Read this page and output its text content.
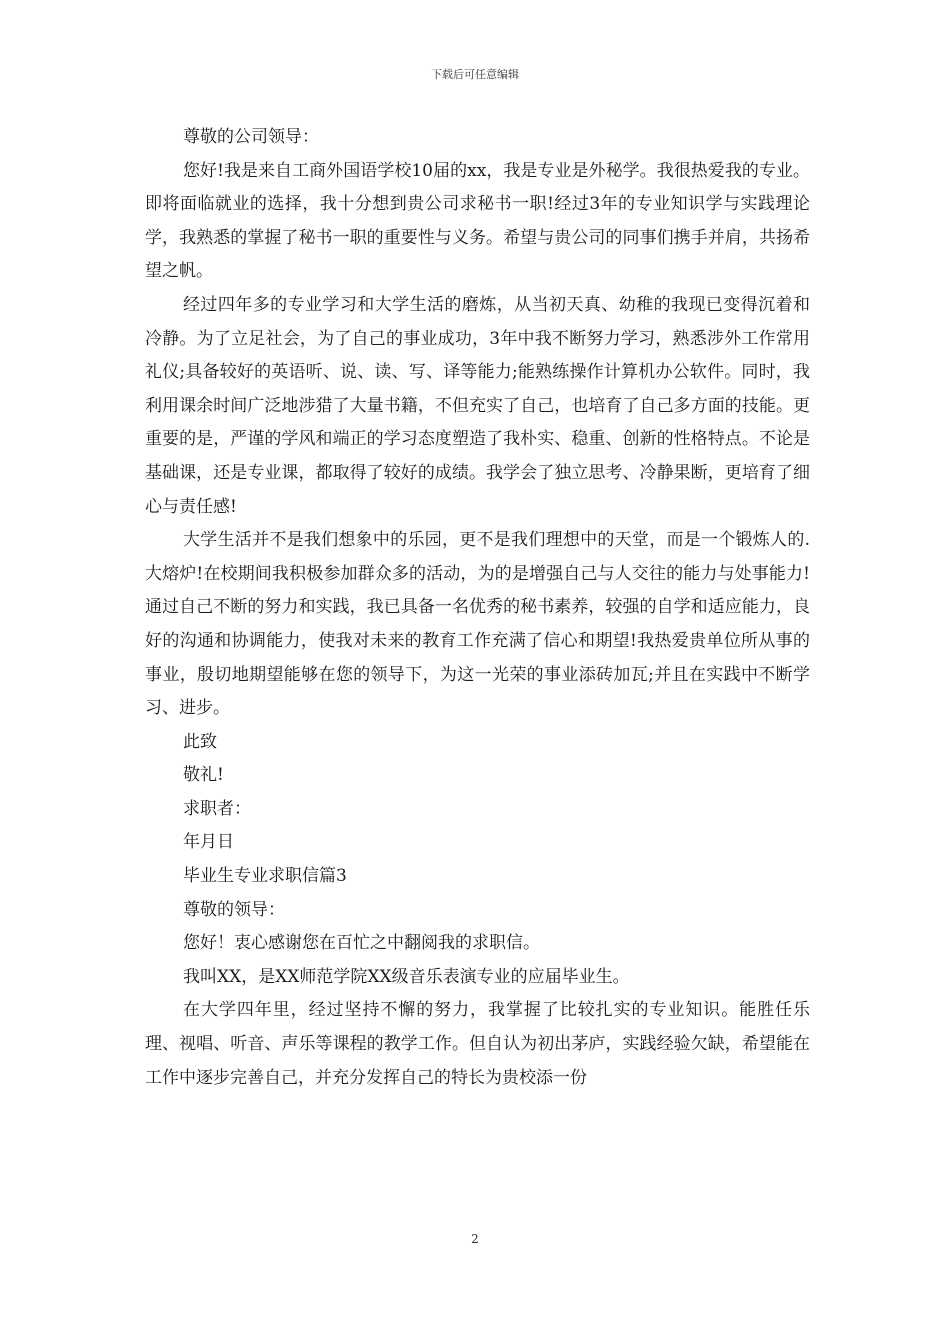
下载后可任意编辑

尊敬的公司领导：

您好!我是来自工商外国语学校10届的xx，我是专业是外秘学。我很热爱我的专业。即将面临就业的选择，我十分想到贵公司求秘书一职!经过3年的专业知识学与实践理论学，我熟悉的掌握了秘书一职的重要性与义务。希望与贵公司的同事们携手并肩，共扬希望之帆。

经过四年多的专业学习和大学生活的磨炼，从当初天真、幼稚的我现已变得沉着和冷静。为了立足社会，为了自己的事业成功，3年中我不断努力学习，熟悉涉外工作常用礼仪;具备较好的英语听、说、读、写、译等能力;能熟练操作计算机办公软件。同时，我利用课余时间广泛地涉猎了大量书籍，不但充实了自己，也培育了自己多方面的技能。更重要的是，严谨的学风和端正的学习态度塑造了我朴实、稳重、创新的性格特点。不论是基础课，还是专业课，都取得了较好的成绩。我学会了独立思考、冷静果断，更培育了细心与责任感!

大学生活并不是我们想象中的乐园，更不是我们理想中的天堂，而是一个锻炼人的.大熔炉!在校期间我积极参加群众多的活动，为的是增强自己与人交往的能力与处事能力!通过自己不断的努力和实践，我已具备一名优秀的秘书素养，较强的自学和适应能力，良好的沟通和协调能力，使我对未来的教育工作充满了信心和期望!我热爱贵单位所从事的事业，殷切地期望能够在您的领导下，为这一光荣的事业添砖加瓦;并且在实践中不断学习、进步。

此致

敬礼!

求职者：

年月日

毕业生专业求职信篇3

尊敬的领导：

您好！衷心感谢您在百忙之中翻阅我的求职信。

我叫XX，是XX师范学院XX级音乐表演专业的应届毕业生。

在大学四年里，经过坚持不懈的努力，我掌握了比较扎实的专业知识。能胜任乐理、视唱、听音、声乐等课程的教学工作。但自认为初出茅庐，实践经验欠缺，希望能在工作中逐步完善自己，并充分发挥自己的特长为贵校添一份

2
